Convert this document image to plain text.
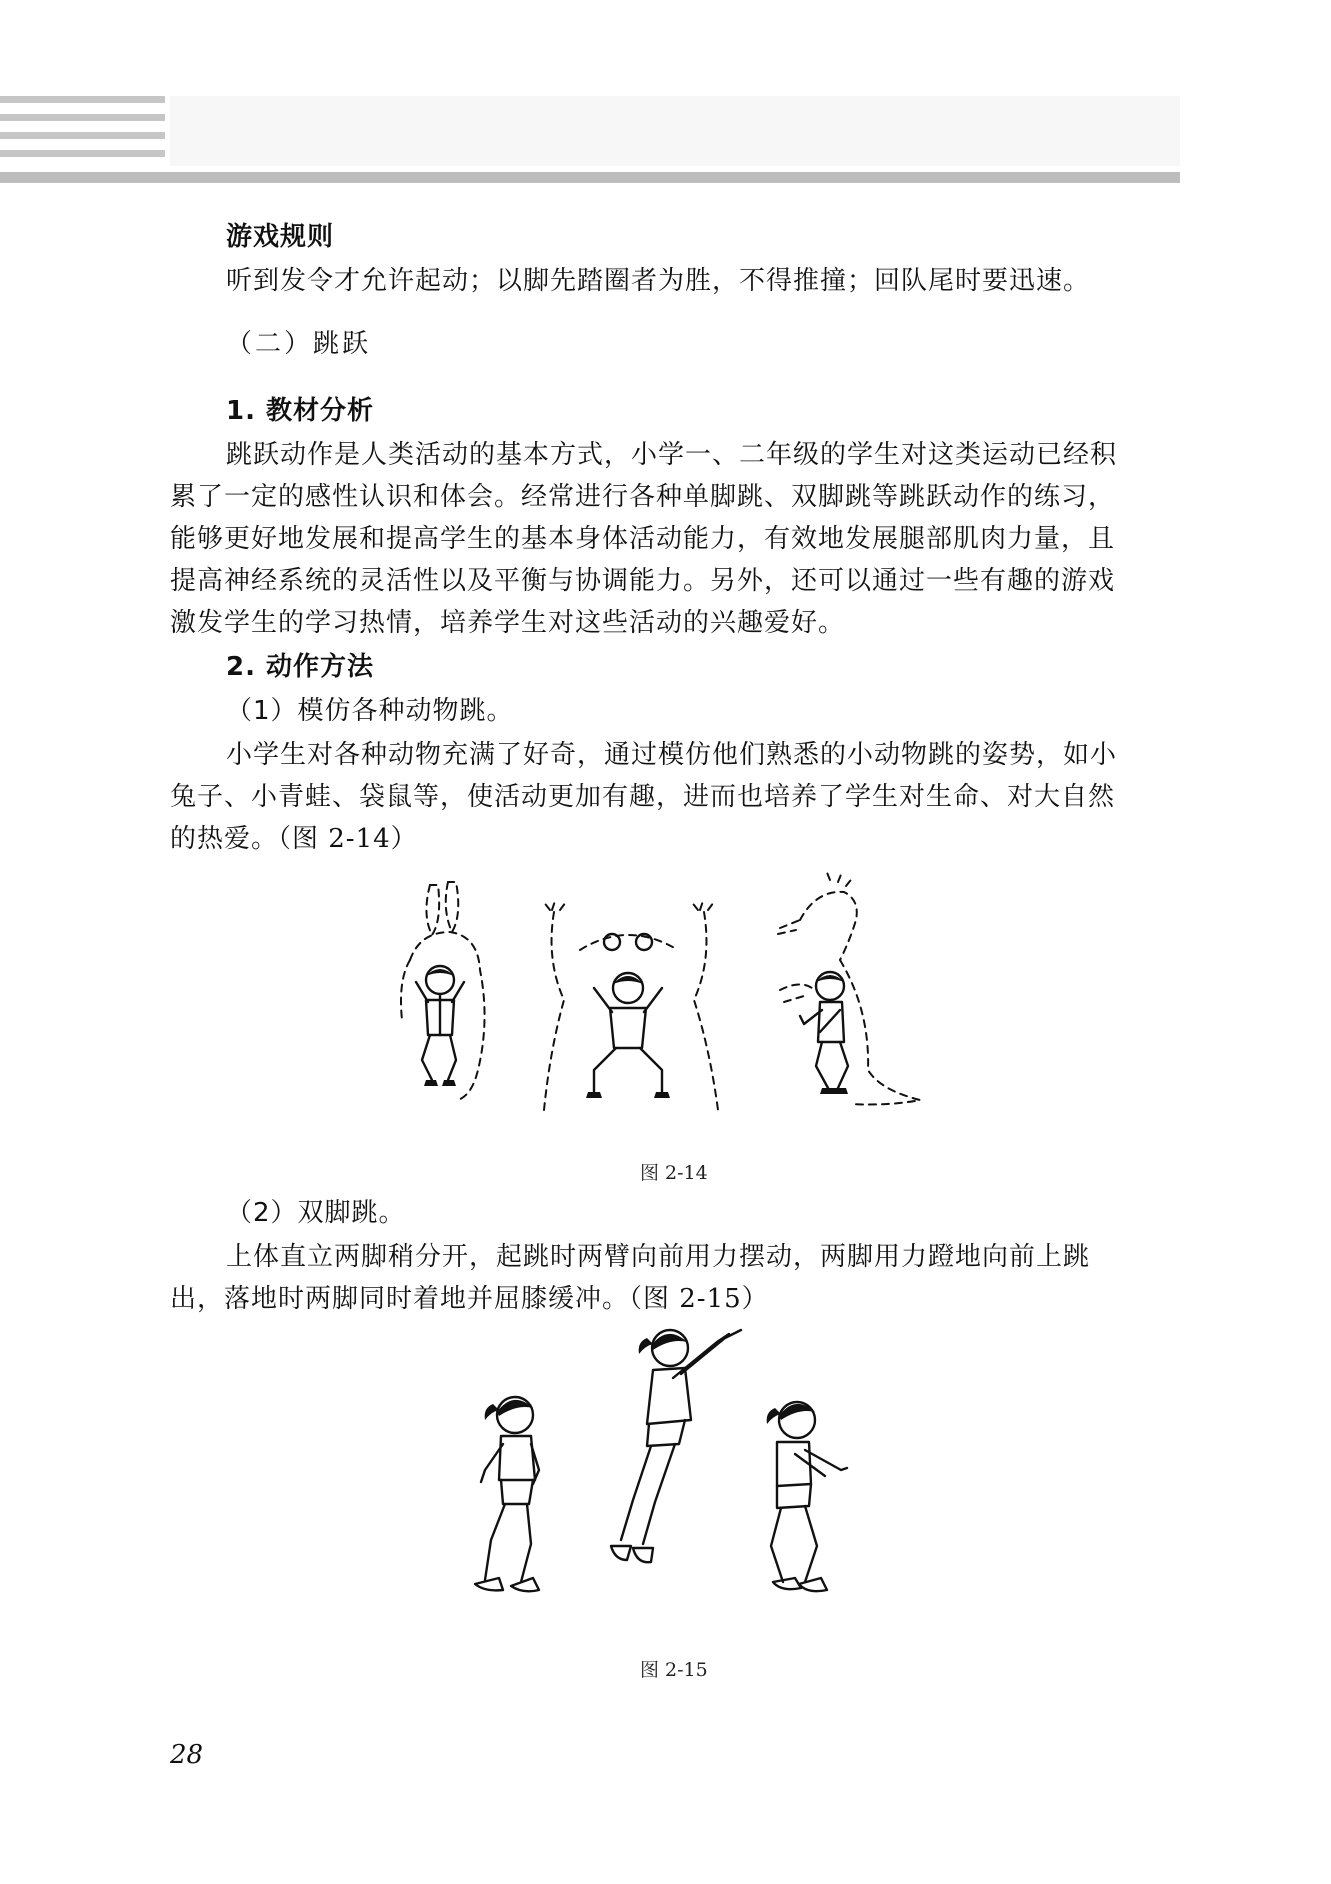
游戏规则
听到发令才允许起动；以脚先踏圈者为胜，不得推撞；回队尾时要迅速。
（二）跳跃
1. 教材分析
跳跃动作是人类活动的基本方式，小学一、二年级的学生对这类运动已经积
累了一定的感性认识和体会。经常进行各种单脚跳、双脚跳等跳跃动作的练习，
能够更好地发展和提高学生的基本身体活动能力，有效地发展腿部肌肉力量，且
提高神经系统的灵活性以及平衡与协调能力。另外，还可以通过一些有趣的游戏
激发学生的学习热情，培养学生对这些活动的兴趣爱好。
2. 动作方法
（1）模仿各种动物跳。
小学生对各种动物充满了好奇，通过模仿他们熟悉的小动物跳的姿势，如小
兔子、小青蛙、袋鼠等，使活动更加有趣，进而也培养了学生对生命、对大自然
的热爱。（图 2-14）
图 2-14
（2）双脚跳。
上体直立两脚稍分开，起跳时两臂向前用力摆动，两脚用力蹬地向前上跳
出，落地时两脚同时着地并屈膝缓冲。（图 2-15）
图 2-15
28
